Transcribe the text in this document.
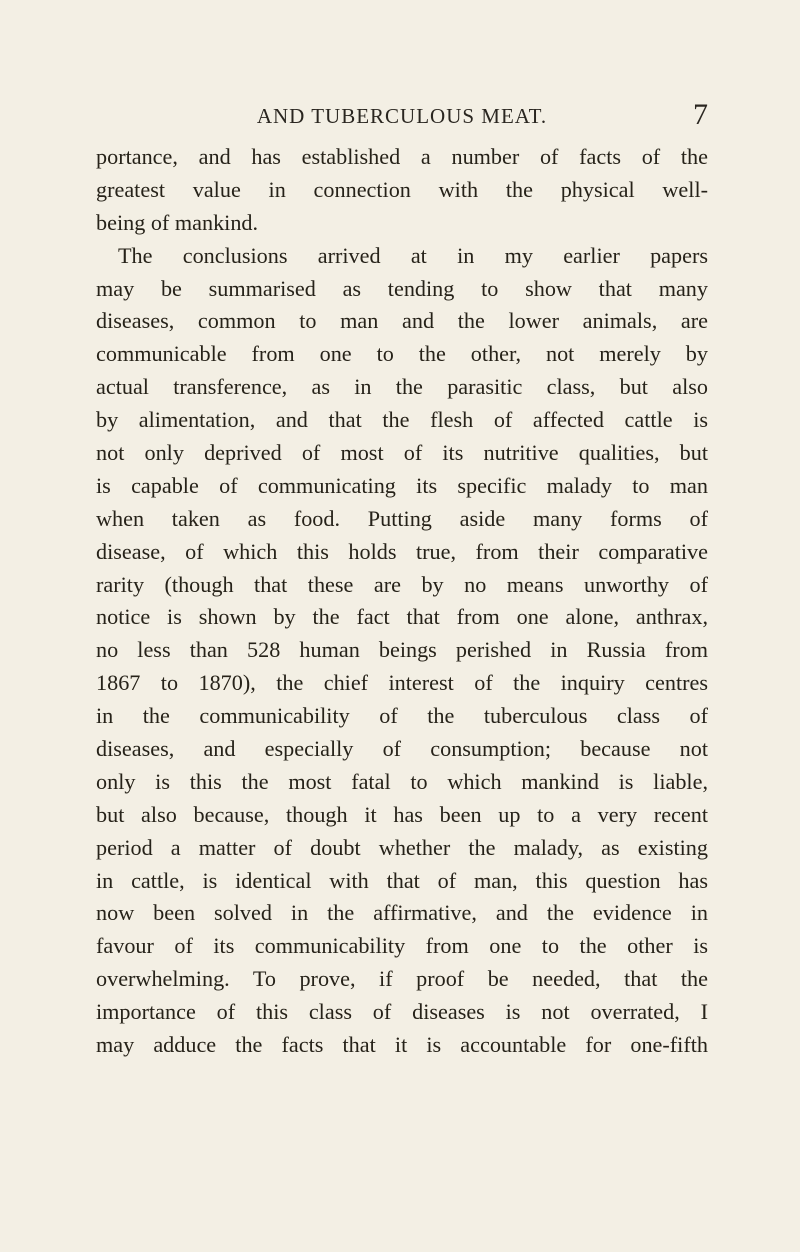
AND TUBERCULOUS MEAT.	7
portance, and has established a number of facts of the
greatest value in connection with the physical well-
being of mankind.
The conclusions arrived at in my earlier papers
may be summarised as tending to show that many
diseases, common to man and the lower animals, are
communicable from one to the other, not merely by
actual transference, as in the parasitic class, but also
by alimentation, and that the flesh of affected cattle is
not only deprived of most of its nutritive qualities, but
is capable of communicating its specific malady to man
when taken as food. Putting aside many forms of
disease, of which this holds true, from their comparative
rarity (though that these are by no means unworthy of
notice is shown by the fact that from one alone, anthrax,
no less than 528 human beings perished in Russia from
1867 to 1870), the chief interest of the inquiry centres
in the communicability of the tuberculous class of
diseases, and especially of consumption; because not
only is this the most fatal to which mankind is liable,
but also because, though it has been up to a very recent
period a matter of doubt whether the malady, as existing
in cattle, is identical with that of man, this question has
now been solved in the affirmative, and the evidence in
favour of its communicability from one to the other is
overwhelming. To prove, if proof be needed, that the
importance of this class of diseases is not overrated, I
may adduce the facts that it is accountable for one-fifth
